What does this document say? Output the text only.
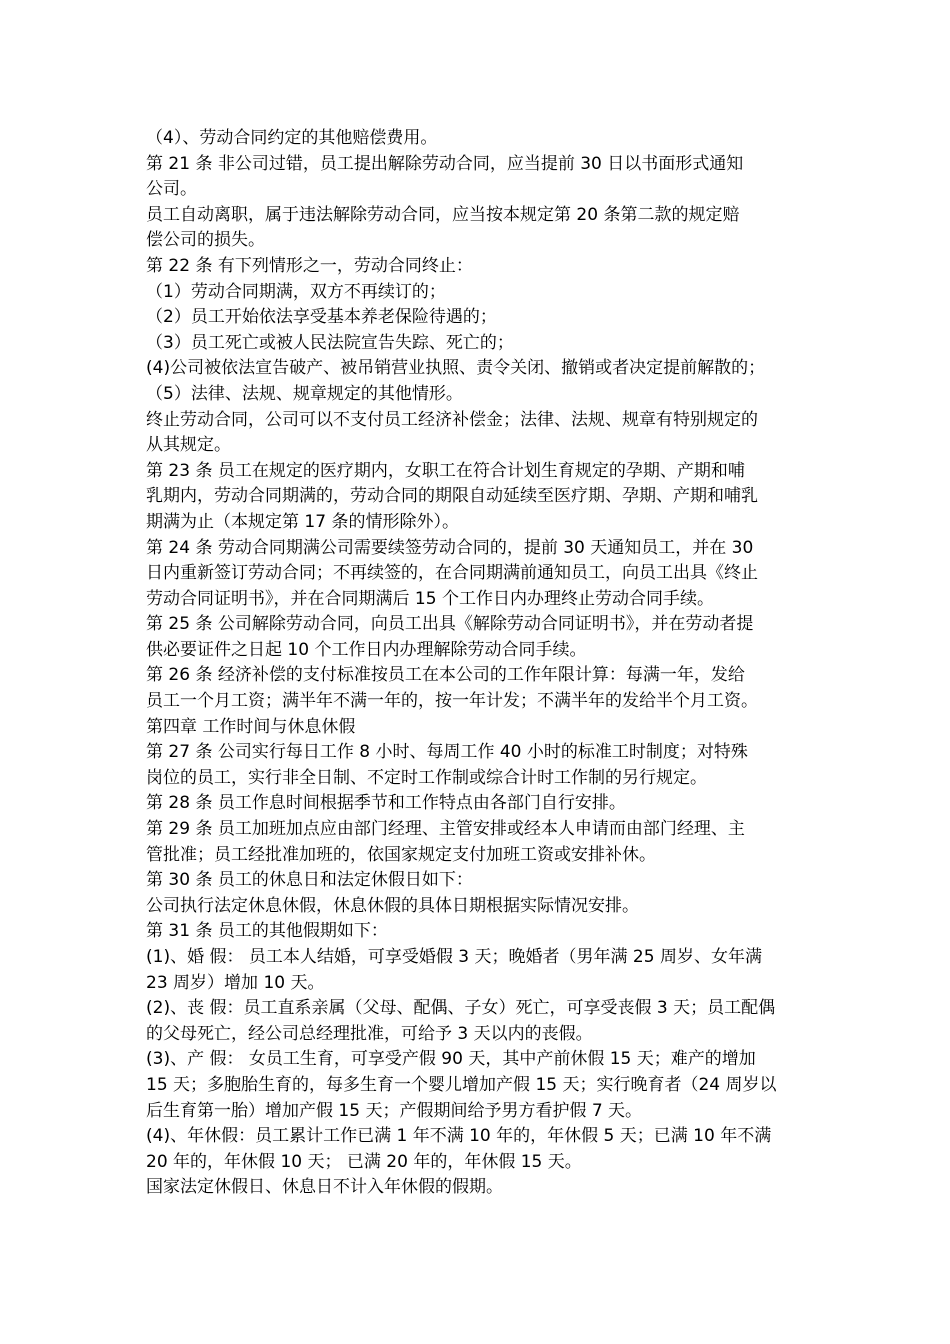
（4）、劳动合同约定的其他赔偿费用。
第 21 条 非公司过错，员工提出解除劳动合同，应当提前 30 日以书面形式通知
公司。
员工自动离职，属于违法解除劳动合同，应当按本规定第 20 条第二款的规定赔
偿公司的损失。
第 22 条 有下列情形之一，劳动合同终止：
（1）劳动合同期满，双方不再续订的；
（2）员工开始依法享受基本养老保险待遇的；
（3）员工死亡或被人民法院宣告失踪、死亡的；
(4)公司被依法宣告破产、被吊销营业执照、责令关闭、撤销或者决定提前解散的；
（5）法律、法规、规章规定的其他情形。
终止劳动合同，公司可以不支付员工经济补偿金；法律、法规、规章有特别规定的
从其规定。
第 23 条 员工在规定的医疗期内，女职工在符合计划生育规定的孕期、产期和哺
乳期内，劳动合同期满的，劳动合同的期限自动延续至医疗期、孕期、产期和哺乳
期满为止（本规定第 17 条的情形除外）。
第 24 条 劳动合同期满公司需要续签劳动合同的，提前 30 天通知员工，并在 30
日内重新签订劳动合同；不再续签的，在合同期满前通知员工，向员工出具《终止
劳动合同证明书》，并在合同期满后 15 个工作日内办理终止劳动合同手续。
第 25 条 公司解除劳动合同，向员工出具《解除劳动合同证明书》，并在劳动者提
供必要证件之日起 10 个工作日内办理解除劳动合同手续。
第 26 条 经济补偿的支付标准按员工在本公司的工作年限计算：每满一年，发给
员工一个月工资；满半年不满一年的，按一年计发；不满半年的发给半个月工资。
第四章 工作时间与休息休假
第 27 条 公司实行每日工作 8 小时、每周工作 40 小时的标准工时制度；对特殊
岗位的员工，实行非全日制、不定时工作制或综合计时工作制的另行规定。
第 28 条 员工作息时间根据季节和工作特点由各部门自行安排。
第 29 条 员工加班加点应由部门经理、主管安排或经本人申请而由部门经理、主
管批准；员工经批准加班的，依国家规定支付加班工资或安排补休。
第 30 条 员工的休息日和法定休假日如下：
公司执行法定休息休假，休息休假的具体日期根据实际情况安排。
第 31 条 员工的其他假期如下：
(1)、婚 假： 员工本人结婚，可享受婚假 3 天；晚婚者（男年满 25 周岁、女年满
23 周岁）增加 10 天。
(2)、丧 假：员工直系亲属（父母、配偶、子女）死亡，可享受丧假 3 天；员工配偶
的父母死亡，经公司总经理批准，可给予 3 天以内的丧假。
(3)、产 假： 女员工生育，可享受产假 90 天，其中产前休假 15 天；难产的增加
15 天；多胞胎生育的，每多生育一个婴儿增加产假 15 天；实行晚育者（24 周岁以
后生育第一胎）增加产假 15 天；产假期间给予男方看护假 7 天。
(4)、年休假：员工累计工作已满 1 年不满 10 年的，年休假 5 天；已满 10 年不满
20 年的，年休假 10 天； 已满 20 年的，年休假 15 天。
国家法定休假日、休息日不计入年休假的假期。
